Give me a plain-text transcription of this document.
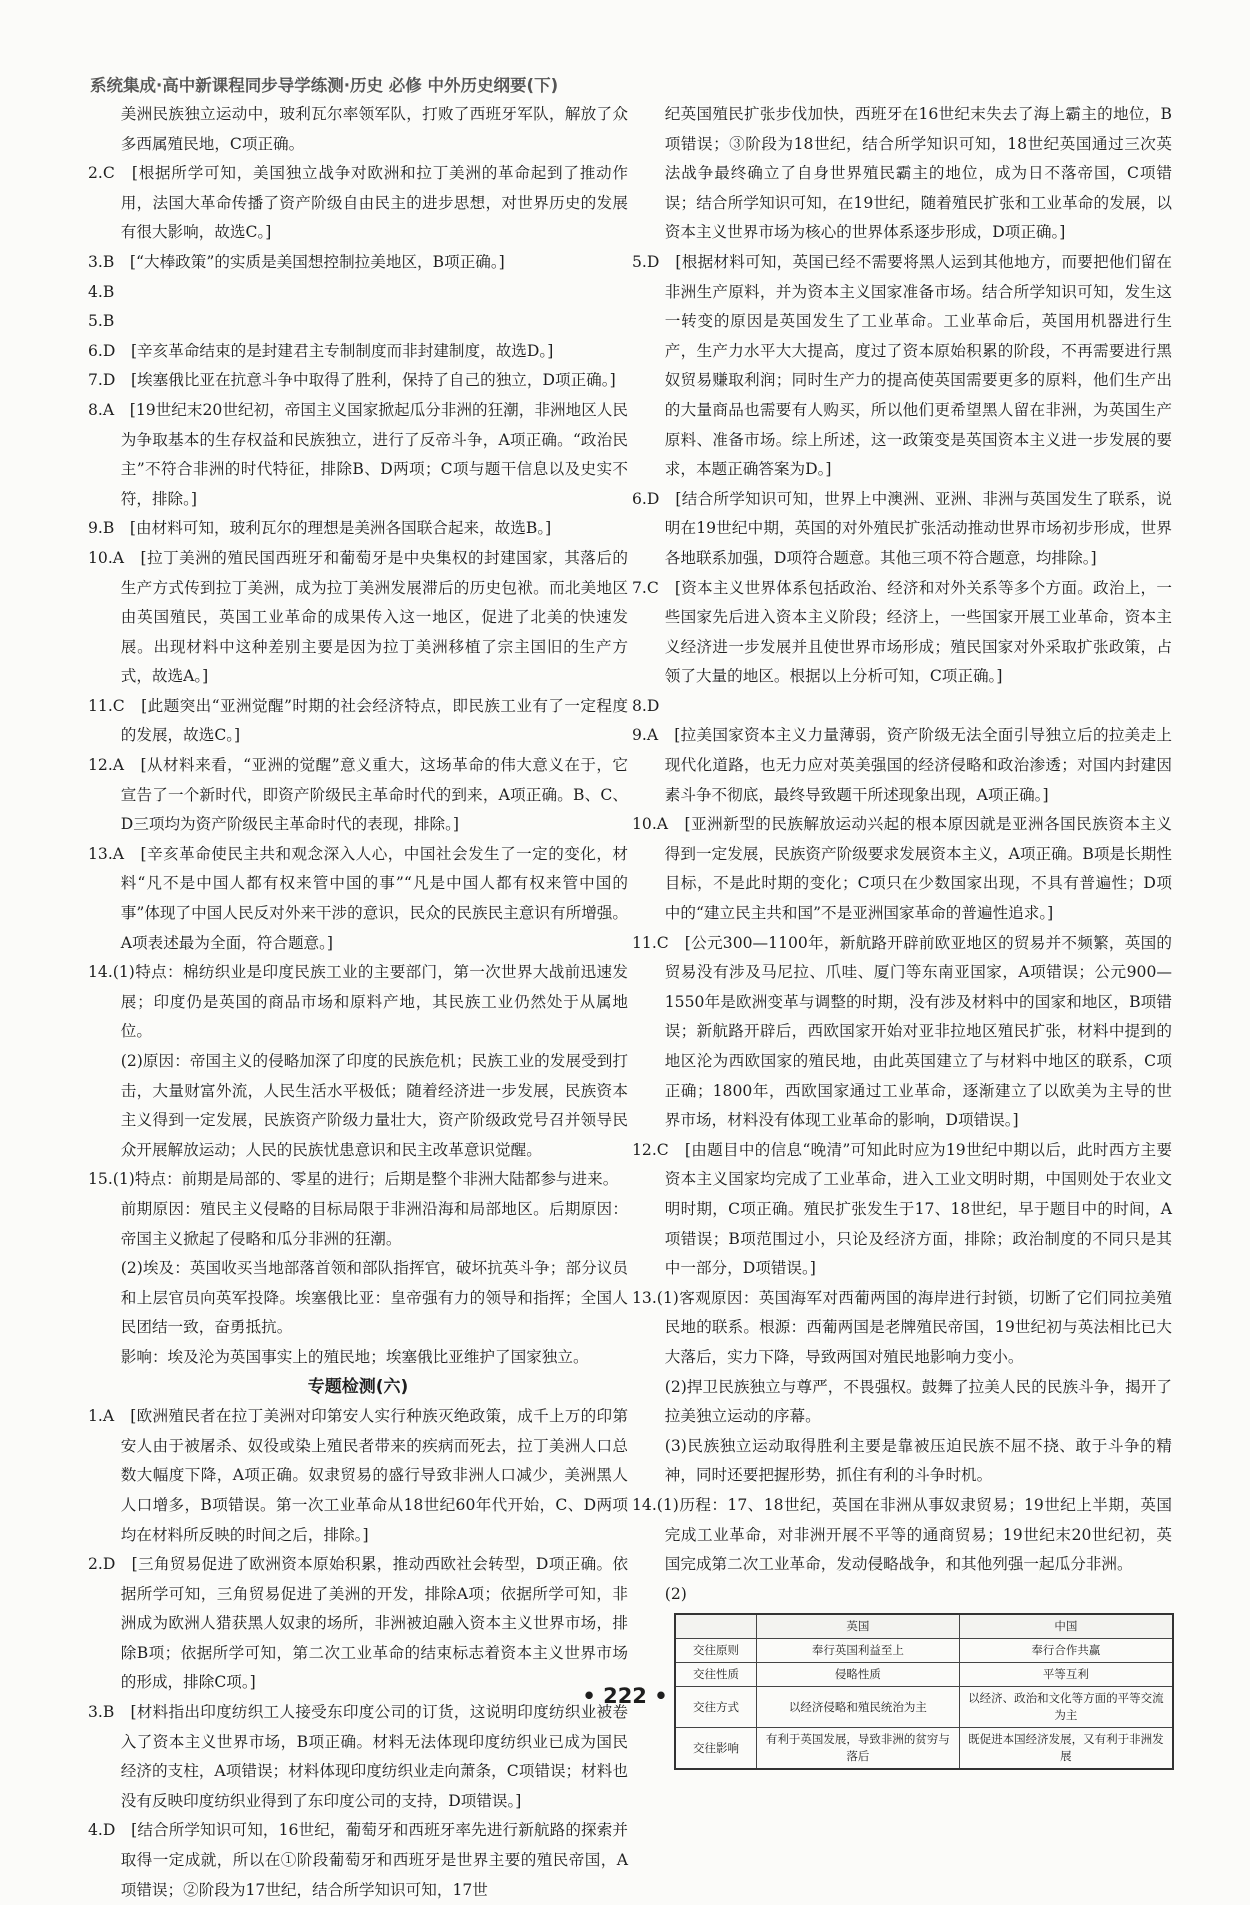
系统集成·高中新课程同步导学练测·历史 必修 中外历史纲要(下)

美洲民族独立运动中，玻利瓦尔率领军队，打败了西班牙军队，解放了众多西属殖民地，C项正确。

2.C　[根据所学可知，美国独立战争对欧洲和拉丁美洲的革命起到了推动作用，法国大革命传播了资产阶级自由民主的进步思想，对世界历史的发展有很大影响，故选C。]

3.B　[“大棒政策”的实质是美国想控制拉美地区，B项正确。]

4.B

5.B

6.D　[辛亥革命结束的是封建君主专制制度而非封建制度，故选D。]

7.D　[埃塞俄比亚在抗意斗争中取得了胜利，保持了自己的独立，D项正确。]

8.A　[19世纪末20世纪初，帝国主义国家掀起瓜分非洲的狂潮，非洲地区人民为争取基本的生存权益和民族独立，进行了反帝斗争，A项正确。“政治民主”不符合非洲的时代特征，排除B、D两项；C项与题干信息以及史实不符，排除。]

9.B　[由材料可知，玻利瓦尔的理想是美洲各国联合起来，故选B。]

10.A　[拉丁美洲的殖民国西班牙和葡萄牙是中央集权的封建国家，其落后的生产方式传到拉丁美洲，成为拉丁美洲发展滞后的历史包袱。而北美地区由英国殖民，英国工业革命的成果传入这一地区，促进了北美的快速发展。出现材料中这种差别主要是因为拉丁美洲移植了宗主国旧的生产方式，故选A。]

11.C　[此题突出“亚洲觉醒”时期的社会经济特点，即民族工业有了一定程度的发展，故选C。]

12.A　[从材料来看，“亚洲的觉醒”意义重大，这场革命的伟大意义在于，它宣告了一个新时代，即资产阶级民主革命时代的到来，A项正确。B、C、D三项均为资产阶级民主革命时代的表现，排除。]

13.A　[辛亥革命使民主共和观念深入人心，中国社会发生了一定的变化，材料“凡不是中国人都有权来管中国的事”“凡是中国人都有权来管中国的事”体现了中国人民反对外来干涉的意识，民众的民族民主意识有所增强。A项表述最为全面，符合题意。]

14.(1)特点：棉纺织业是印度民族工业的主要部门，第一次世界大战前迅速发展；印度仍是英国的商品市场和原料产地，其民族工业仍然处于从属地位。

(2)原因：帝国主义的侵略加深了印度的民族危机；民族工业的发展受到打击，大量财富外流，人民生活水平极低；随着经济进一步发展，民族资本主义得到一定发展，民族资产阶级力量壮大，资产阶级政党号召并领导民众开展解放运动；人民的民族忧患意识和民主改革意识觉醒。

15.(1)特点：前期是局部的、零星的进行；后期是整个非洲大陆都参与进来。

前期原因：殖民主义侵略的目标局限于非洲沿海和局部地区。后期原因：帝国主义掀起了侵略和瓜分非洲的狂潮。

(2)埃及：英国收买当地部落首领和部队指挥官，破坏抗英斗争；部分议员和上层官员向英军投降。埃塞俄比亚：皇帝强有力的领导和指挥；全国人民团结一致，奋勇抵抗。

影响：埃及沦为英国事实上的殖民地；埃塞俄比亚维护了国家独立。

专题检测(六)

1.A　[欧洲殖民者在拉丁美洲对印第安人实行种族灭绝政策，成千上万的印第安人由于被屠杀、奴役或染上殖民者带来的疾病而死去，拉丁美洲人口总数大幅度下降，A项正确。奴隶贸易的盛行导致非洲人口减少，美洲黑人人口增多，B项错误。第一次工业革命从18世纪60年代开始，C、D两项均在材料所反映的时间之后，排除。]

2.D　[三角贸易促进了欧洲资本原始积累，推动西欧社会转型，D项正确。依据所学可知，三角贸易促进了美洲的开发，排除A项；依据所学可知，非洲成为欧洲人猎获黑人奴隶的场所，非洲被迫融入资本主义世界市场，排除B项；依据所学可知，第二次工业革命的结束标志着资本主义世界市场的形成，排除C项。]

3.B　[材料指出印度纺织工人接受东印度公司的订货，这说明印度纺织业被卷入了资本主义世界市场，B项正确。材料无法体现印度纺织业已成为国民经济的支柱，A项错误；材料体现印度纺织业走向萧条，C项错误；材料也没有反映印度纺织业得到了东印度公司的支持，D项错误。]

4.D　[结合所学知识可知，16世纪，葡萄牙和西班牙率先进行新航路的探索并取得一定成就，所以在①阶段葡萄牙和西班牙是世界主要的殖民帝国，A项错误；②阶段为17世纪，结合所学知识可知，17世

纪英国殖民扩张步伐加快，西班牙在16世纪末失去了海上霸主的地位，B项错误；③阶段为18世纪，结合所学知识可知，18世纪英国通过三次英法战争最终确立了自身世界殖民霸主的地位，成为日不落帝国，C项错误；结合所学知识可知，在19世纪，随着殖民扩张和工业革命的发展，以资本主义世界市场为核心的世界体系逐步形成，D项正确。]

5.D　[根据材料可知，英国已经不需要将黑人运到其他地方，而要把他们留在非洲生产原料，并为资本主义国家准备市场。结合所学知识可知，发生这一转变的原因是英国发生了工业革命。工业革命后，英国用机器进行生产，生产力水平大大提高，度过了资本原始积累的阶段，不再需要进行黑奴贸易赚取利润；同时生产力的提高使英国需要更多的原料，他们生产出的大量商品也需要有人购买，所以他们更希望黑人留在非洲，为英国生产原料、准备市场。综上所述，这一政策变是英国资本主义进一步发展的要求，本题正确答案为D。]

6.D　[结合所学知识可知，世界上中澳洲、亚洲、非洲与英国发生了联系，说明在19世纪中期，英国的对外殖民扩张活动推动世界市场初步形成，世界各地联系加强，D项符合题意。其他三项不符合题意，均排除。]

7.C　[资本主义世界体系包括政治、经济和对外关系等多个方面。政治上，一些国家先后进入资本主义阶段；经济上，一些国家开展工业革命，资本主义经济进一步发展并且使世界市场形成；殖民国家对外采取扩张政策，占领了大量的地区。根据以上分析可知，C项正确。]

8.D

9.A　[拉美国家资本主义力量薄弱，资产阶级无法全面引导独立后的拉美走上现代化道路，也无力应对英美强国的经济侵略和政治渗透；对国内封建因素斗争不彻底，最终导致题干所述现象出现，A项正确。]

10.A　[亚洲新型的民族解放运动兴起的根本原因就是亚洲各国民族资本主义得到一定发展，民族资产阶级要求发展资本主义，A项正确。B项是长期性目标，不是此时期的变化；C项只在少数国家出现，不具有普遍性；D项中的“建立民主共和国”不是亚洲国家革命的普遍性追求。]

11.C　[公元300—1100年，新航路开辟前欧亚地区的贸易并不频繁，英国的贸易没有涉及马尼拉、爪哇、厦门等东南亚国家，A项错误；公元900—1550年是欧洲变革与调整的时期，没有涉及材料中的国家和地区，B项错误；新航路开辟后，西欧国家开始对亚非拉地区殖民扩张，材料中提到的地区沦为西欧国家的殖民地，由此英国建立了与材料中地区的联系，C项正确；1800年，西欧国家通过工业革命，逐渐建立了以欧美为主导的世界市场，材料没有体现工业革命的影响，D项错误。]

12.C　[由题目中的信息“晚清”可知此时应为19世纪中期以后，此时西方主要资本主义国家均完成了工业革命，进入工业文明时期，中国则处于农业文明时期，C项正确。殖民扩张发生于17、18世纪，早于题目中的时间，A项错误；B项范围过小，只论及经济方面，排除；政治制度的不同只是其中一部分，D项错误。]

13.(1)客观原因：英国海军对西葡两国的海岸进行封锁，切断了它们同拉美殖民地的联系。根源：西葡两国是老牌殖民帝国，19世纪初与英法相比已大大落后，实力下降，导致两国对殖民地影响力变小。

(2)捍卫民族独立与尊严，不畏强权。鼓舞了拉美人民的民族斗争，揭开了拉美独立运动的序幕。

(3)民族独立运动取得胜利主要是靠被压迫民族不屈不挠、敢于斗争的精神，同时还要把握形势，抓住有利的斗争时机。

14.(1)历程：17、18世纪，英国在非洲从事奴隶贸易；19世纪上半期，英国完成工业革命，对非洲开展不平等的通商贸易；19世纪末20世纪初，英国完成第二次工业革命，发动侵略战争，和其他列强一起瓜分非洲。

(2)

	英国	中国
交往原则	奉行英国利益至上	奉行合作共赢
交往性质	侵略性质	平等互利
交往方式	以经济侵略和殖民统治为主	以经济、政治和文化等方面的平等交流为主
交往影响	有利于英国发展，导致非洲的贫穷与落后	既促进本国经济发展，又有利于非洲发展
• 222 •
